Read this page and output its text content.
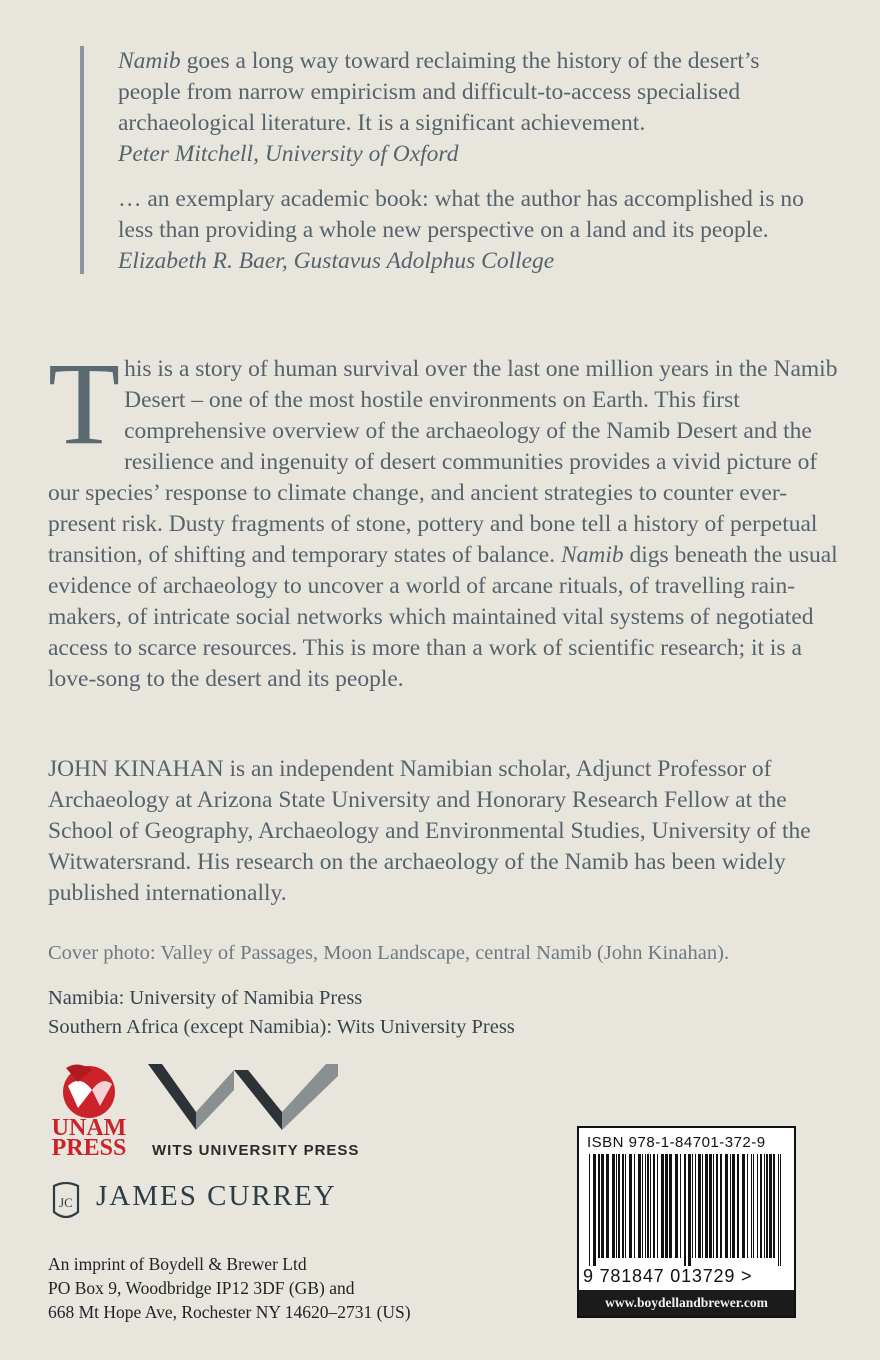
Namib goes a long way toward reclaiming the history of the desert’s people from narrow empiricism and difficult-to-access specialised archaeological literature. It is a significant achievement.
Peter Mitchell, University of Oxford

… an exemplary academic book: what the author has accomplished is no less than providing a whole new perspective on a land and its people. Elizabeth R. Baer, Gustavus Adolphus College

This is a story of human survival over the last one million years in the Namib Desert – one of the most hostile environments on Earth. This first comprehensive overview of the archaeology of the Namib Desert and the resilience and ingenuity of desert communities provides a vivid picture of our species’ response to climate change, and ancient strategies to counter ever-present risk. Dusty fragments of stone, pottery and bone tell a history of perpetual transition, of shifting and temporary states of balance. Namib digs beneath the usual evidence of archaeology to uncover a world of arcane rituals, of travelling rain-makers, of intricate social networks which maintained vital systems of negotiated access to scarce resources. This is more than a work of scientific research; it is a love-song to the desert and its people.

JOHN KINAHAN is an independent Namibian scholar, Adjunct Professor of Archaeology at Arizona State University and Honorary Research Fellow at the School of Geography, Archaeology and Environmental Studies, University of the Witwatersrand. His research on the archaeology of the Namib has been widely published internationally.

Cover photo: Valley of Passages, Moon Landscape, central Namib (John Kinahan).

Namibia: University of Namibia Press
Southern Africa (except Namibia): Wits University Press

UNAM
PRESS WITS UNIVERSITY PRESS
JC JAMES CURREY

An imprint of Boydell & Brewer Ltd
PO Box 9, Woodbridge IP12 3DF (GB) and
668 Mt Hope Ave, Rochester NY 14620–2731 (US)

ISBN 978-1-84701-372-9
9 781847 013729 >
www.boydellandbrewer.com
